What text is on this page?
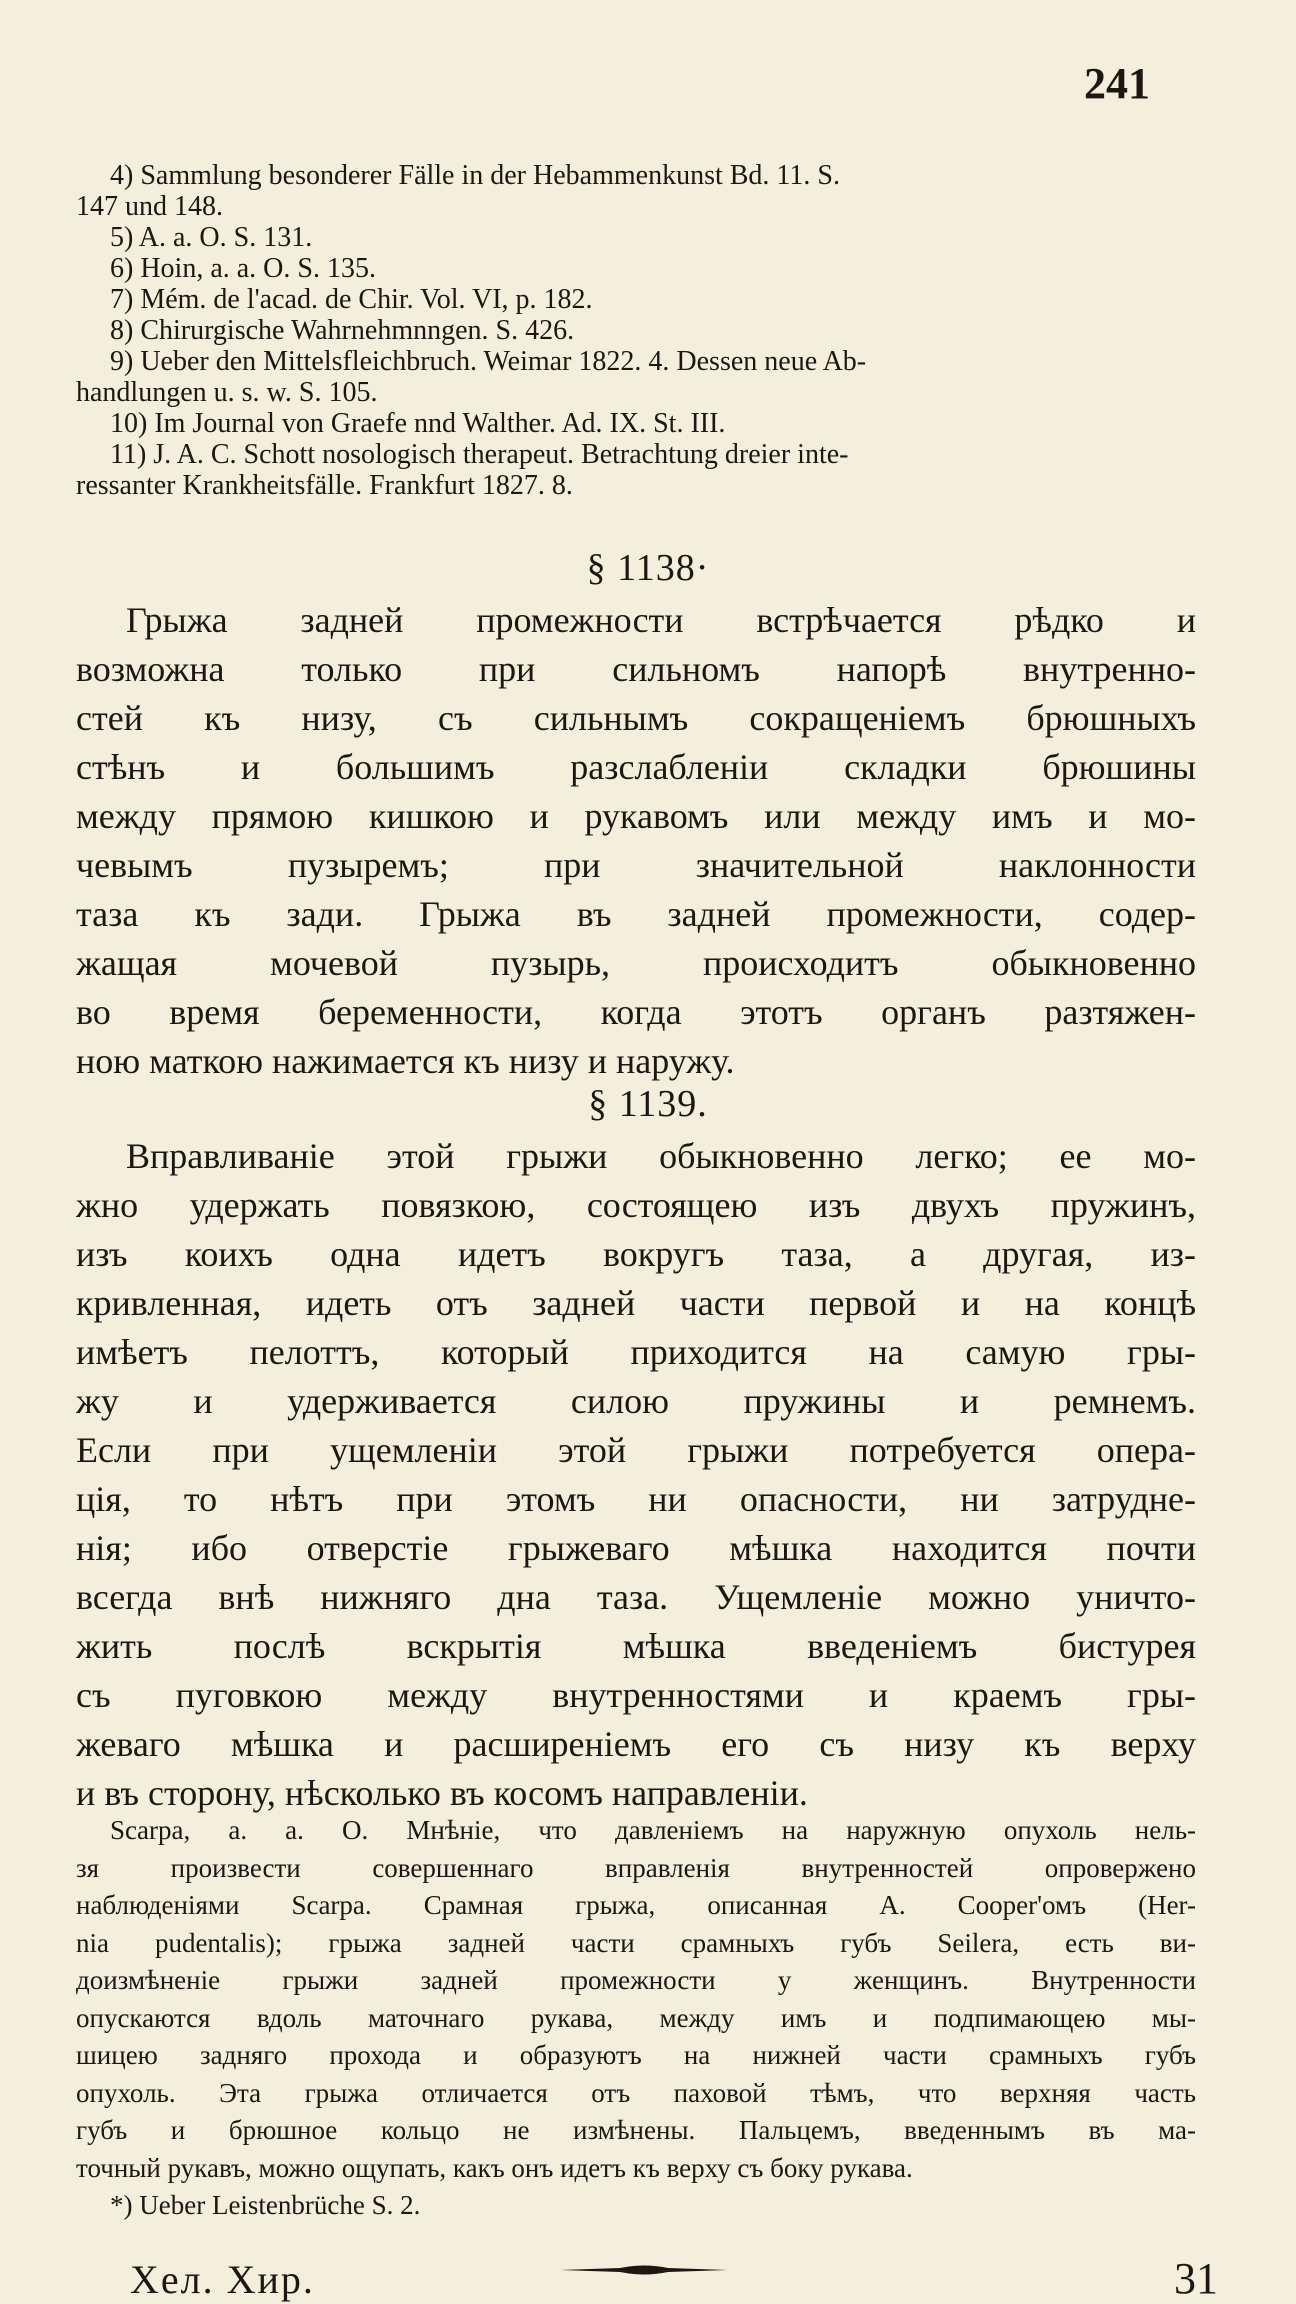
241
4) Sammlung besonderer Fälle in der Hebammenkunst Bd. 11. S.
147 und 148.
5) A. a. O. S. 131.
6) Hoin, a. a. O. S. 135.
7) Mém. de l'acad. de Chir. Vol. VI, p. 182.
8) Chirurgische Wahrnehmnngen. S. 426.
9) Ueber den Mittelsfleichbruch. Weimar 1822. 4. Dessen neue Ab-
handlungen u. s. w. S. 105.
10) Im Journal von Graefe nnd Walther. Ad. IX. St. III.
11) J. A. C. Schott nosologisch therapeut. Betrachtung dreier inte-
ressanter Krankheitsfälle. Frankfurt 1827. 8.
§ 1138·
Грыжа задней промежности встрѣчается рѣдко и
возможна только при сильномъ напорѣ внутренно-
стей къ низу, съ сильнымъ сокращенiемъ брюшныхъ
стѣнъ и большимъ разслабленiи складки брюшины
между прямою кишкою и рукавомъ или между имъ и мо-
чевымъ пузыремъ; при значительной наклонности
таза къ зади. Грыжа въ задней промежности, содер-
жащая мочевой пузырь, происходитъ обыкновенно
во время беременности, когда этотъ органъ разтяжен-
ною маткою нажимается къ низу и наружу.
§ 1139.
Вправливанiе этой грыжи обыкновенно легко; ее мо-
жно удержать повязкою, состоящею изъ двухъ пружинъ,
изъ коихъ одна идетъ вокругъ таза, а другая, из-
кривленная, идеть отъ задней части первой и на концѣ
имѣетъ пелоттъ, который приходится на самую гры-
жу и удерживается силою пружины и ремнемъ.
Если при ущемленiи этой грыжи потребуется опера-
цiя, то нѣтъ при этомъ ни опасности, ни затрудне-
нiя; ибо отверстiе грыжеваго мѣшка находится почти
всегда внѣ нижняго дна таза. Ущемленiе можно уничто-
жить послѣ вскрытiя мѣшка введенiемъ бистурея
съ пуговкою между внутренностями и краемъ гры-
жеваго мѣшка и расширенiемъ его съ низу къ верху
и въ сторону, нѣсколько въ косомъ направленiи.
Scarpa, a. a. O. Мнѣнiе, что давленiемъ на наружную опухоль нель-
зя произвести совершеннаго вправленiя внутренностей опровержено
наблюденiями Scarpa. Срамная грыжа, описанная A. Cooper'омъ (Her-
nia pudentalis); грыжа задней части срамныхъ губъ Seilera, есть ви-
доизмѣненiе грыжи задней промежности у женщинъ. Внутренности
опускаются вдоль маточнаго рукава, между имъ и подпимающею мы-
шицею задняго прохода и образуютъ на нижней части срамныхъ губъ
опухоль. Эта грыжа отличается отъ паховой тѣмъ, что верхняя часть
губъ и брюшное кольцо не измѣнены. Пальцемъ, введеннымъ въ ма-
точный рукавъ, можно ощупать, какъ онъ идетъ къ верху съ боку рукава.
*) Ueber Leistenbrüche S. 2.
Хел. Хир.	31
